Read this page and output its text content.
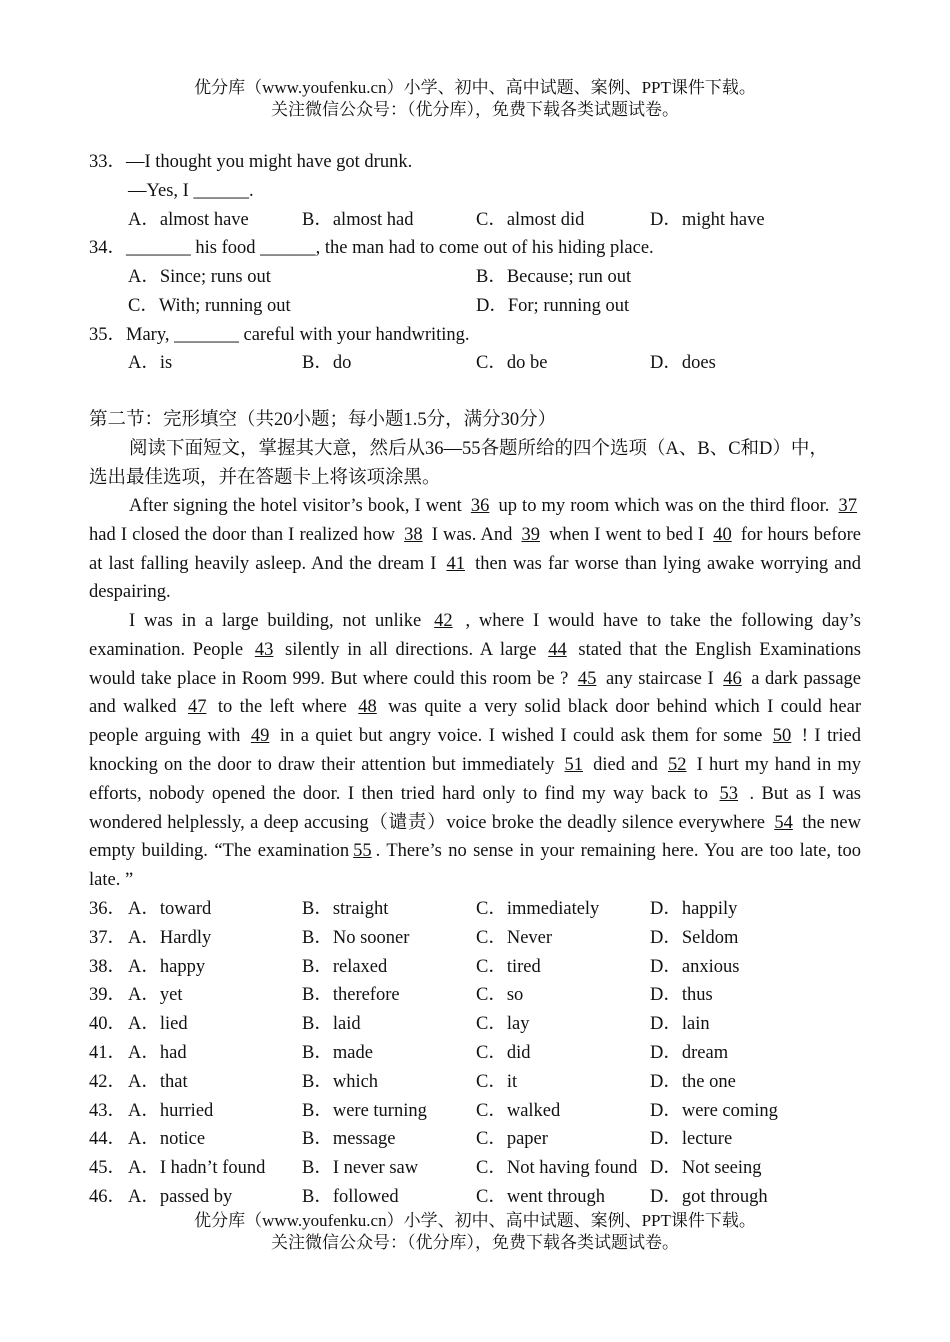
优分库（www.youfenku.cn）小学、初中、高中试题、案例、PPT课件下载。
关注微信公众号：（优分库），免费下载各类试题试卷。
33．—I thought you might have got drunk.
—Yes, I ______.
A．almost have	B．almost had	C．almost did	D．might have
34．_______ his food ______, the man had to come out of his hiding place.
A．Since; runs out	B．Because; run out
C．With; running out	D．For; running out
35．Mary, _______ careful with your handwriting.
A．is	B．do	C．do be	D．does
第二节：完形填空（共20小题；每小题1.5分，满分30分）
阅读下面短文，掌握其大意，然后从36—55各题所给的四个选项（A、B、C和D）中，
选出最佳选项，并在答题卡上将该项涂黑。
After signing the hotel visitor’s book, I went 36 up to my room which was on the third floor. 37 had I closed the door than I realized how 38 I was. And 39 when I went to bed I 40 for hours before at last falling heavily asleep. And the dream I 41 then was far worse than lying awake worrying and despairing.
I was in a large building, not unlike 42 , where I would have to take the following day’s examination. People 43 silently in all directions. A large 44 stated that the English Examinations would take place in Room 999. But where could this room be ? 45 any staircase I 46 a dark passage and walked 47 to the left where 48 was quite a very solid black door behind which I could hear people arguing with 49 in a quiet but angry voice. I wished I could ask them for some 50 ! I tried knocking on the door to draw their attention but immediately 51 died and 52 I hurt my hand in my efforts, nobody opened the door. I then tried hard only to find my way back to 53 . But as I was wondered helplessly, a deep accusing（谴责）voice broke the deadly silence everywhere 54 the new empty building. “The examination 55 . There’s no sense in your remaining here. You are too late, too late. ”
36． A．toward	B．straight	C．immediately	D．happily
37． A．Hardly	B．No sooner	C．Never	D．Seldom
38． A．happy	B．relaxed	C．tired	D．anxious
39． A．yet	B．therefore	C．so	D．thus
40． A．lied	B．laid	C．lay	D．lain
41． A．had	B．made	C．did	D．dream
42． A．that	B．which	C．it	D．the one
43． A．hurried	B．were turning	C．walked	D．were coming
44． A．notice	B．message	C．paper	D．lecture
45． A．I hadn’t found B．I never saw	C．Not having found D．Not seeing
46． A．passed by	B．followed	C．went through D．got through
优分库（www.youfenku.cn）小学、初中、高中试题、案例、PPT课件下载。
关注微信公众号：（优分库），免费下载各类试题试卷。
